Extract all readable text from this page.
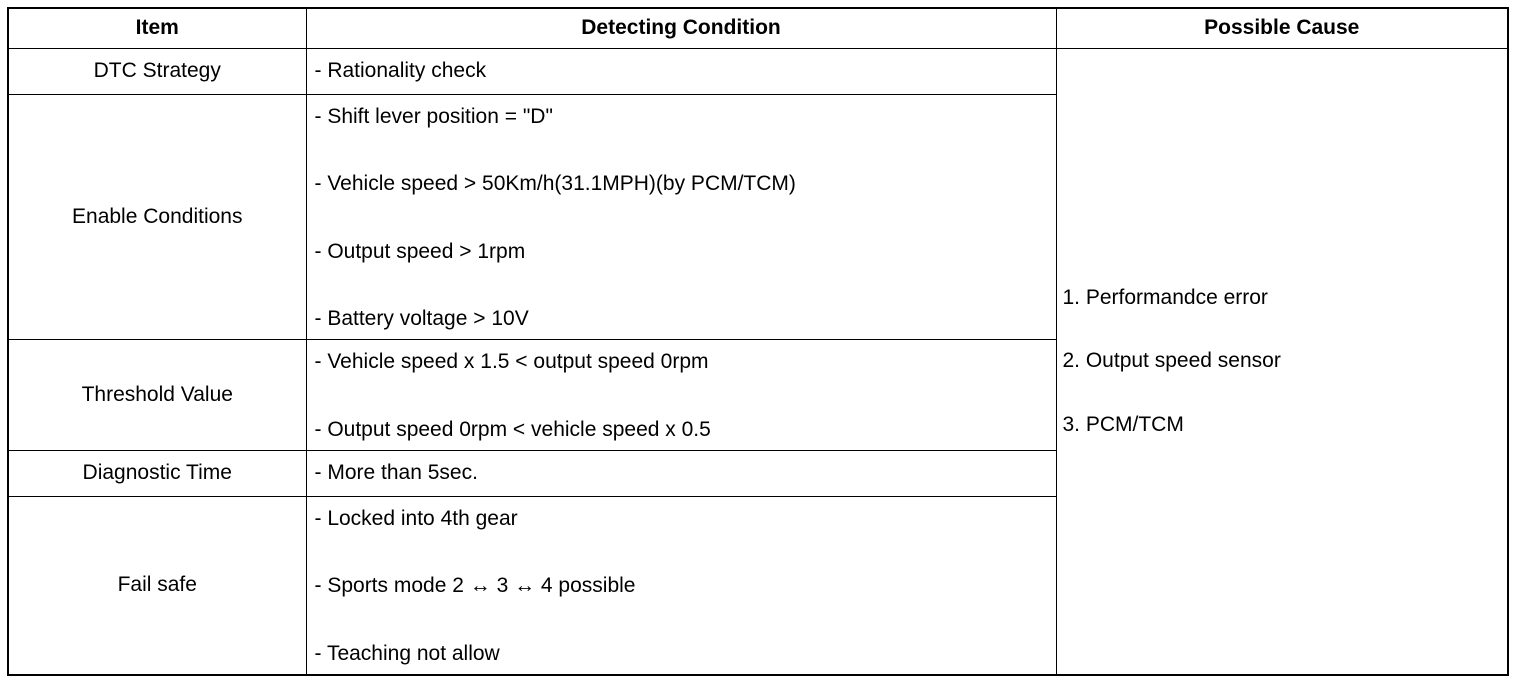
Item	Detecting Condition	Possible Cause
DTC Strategy	- Rationality check	1. Performandce error
2. Output speed sensor
3. PCM/TCM

Enable Conditions	- Shift lever position = "D"
- Vehicle speed > 50Km/h(31.1MPH)(by PCM/TCM)
- Output speed > 1rpm
- Battery voltage > 10V	

Threshold Value	- Vehicle speed x 1.5 < output speed 0rpm
- Output speed 0rpm < vehicle speed x 0.5	

Diagnostic Time	- More than 5sec.	

Fail safe	- Locked into 4th gear
- Sports mode 2 ↔ 3 ↔ 4 possible
- Teaching not allow	
